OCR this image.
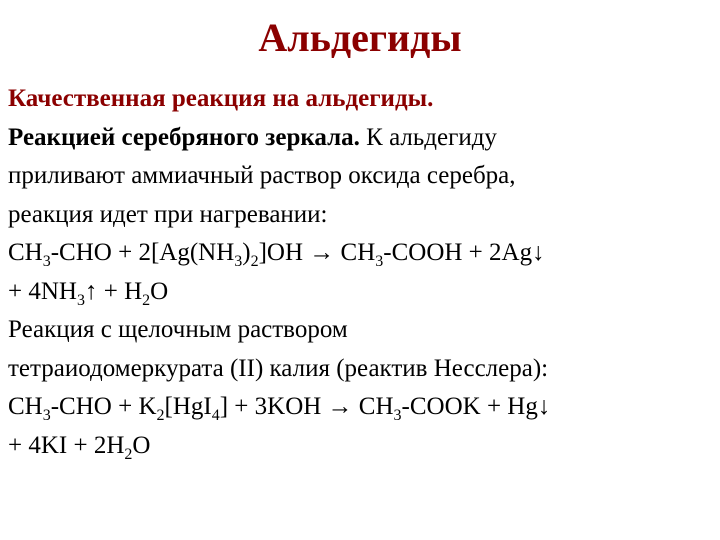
Альдегиды
Качественная реакция на альдегиды.
Реакцией серебряного зеркала. К альдегиду
приливают аммиачный раствор оксида серебра,
реакция идет при нагревании:
$CH_3$-CHO + $2[Ag(NH_3)_2]OH$ → $CH_3$-COOH + 2Ag↓
+ $4NH_3↑ + H_2O$
Реакция с щелочным раствором
тетраиодомеркурата (II) калия (реактив Несслера):
$CH_3$-CHO + $K_2[HgI_4] + 3KOH$ → $CH_3$-COOK + Hg↓
+ $4KI + 2H_2O$
